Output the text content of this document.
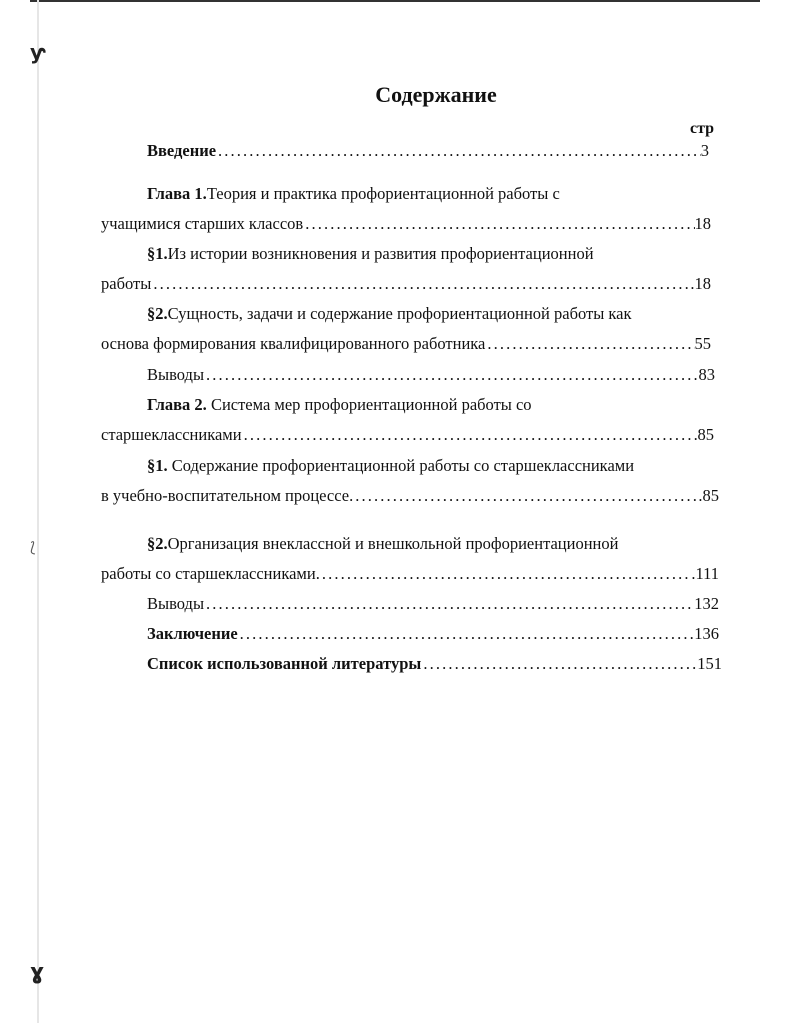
ƴ
⟅
ɣ
Содержание
стр
Введение . . .	3
Глава 1.Теория и практика профориентационной работы с
учащимися старших классов . . .	18
§1.Из истории возникновения и развития профориентационной
работы . . .	.18
§2.Сущность, задачи и содержание профориентационной работы как
основа формирования квалифицированного работника . . .	55
Выводы . . .	83
Глава 2. Система мер профориентационной работы со
старшеклассниками . . .	85
§1. Содержание профориентационной работы со старшеклассниками
в учебно-воспитательном процессе. . . .	.85
§2.Организация внеклассной и внешкольной профориентационной
работы со старшеклассниками. . . .	.111
Выводы . . .	132
Заключение . . .	136
Список использованной литературы . . .	151
